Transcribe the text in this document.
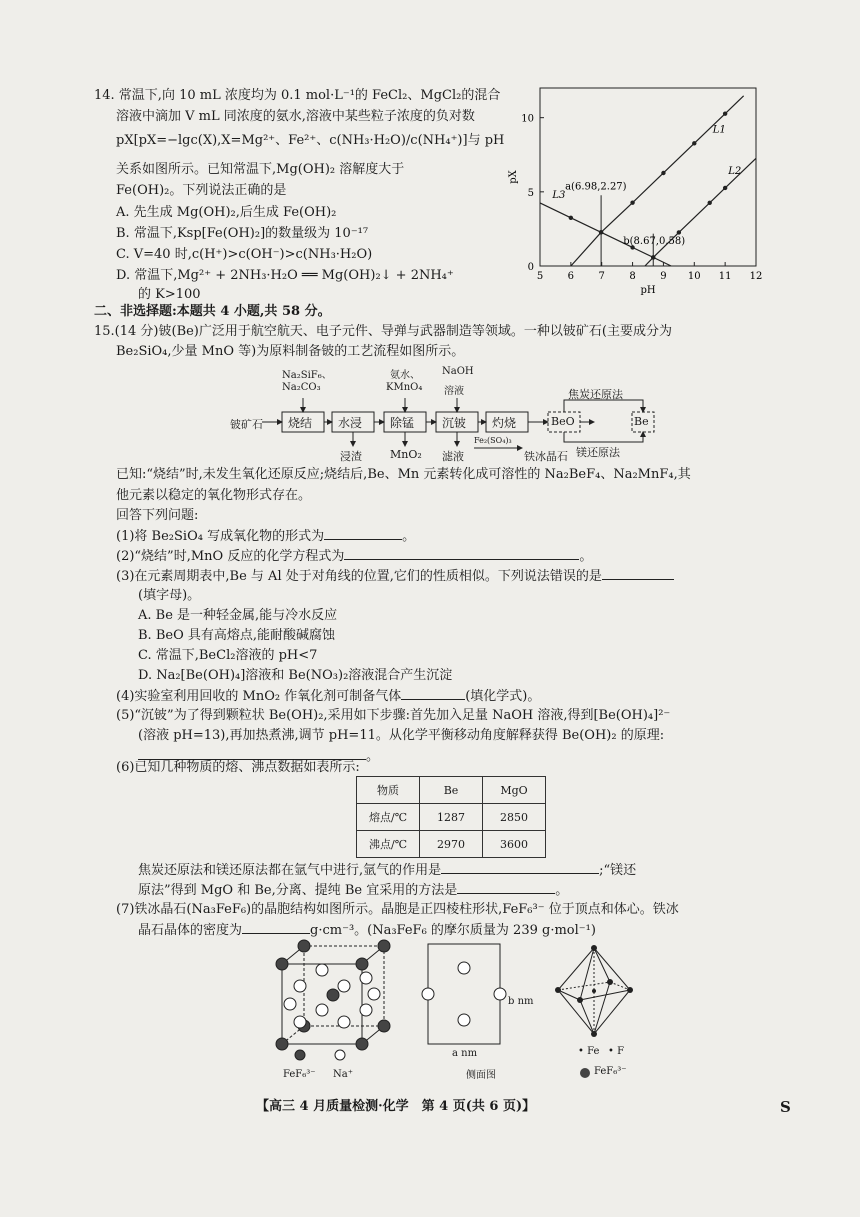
14. 常温下,向 10 mL 浓度均为 0.1 mol·L⁻¹的 FeCl₂、MgCl₂的混合
溶液中滴加 V mL 同浓度的氨水,溶液中某些粒子浓度的负对数
pX[pX=−lgc(X),X=Mg²⁺、Fe²⁺、c(NH₃·H₂O)/c(NH₄⁺)]与 pH
关系如图所示。已知常温下,Mg(OH)₂ 溶解度大于
Fe(OH)₂。下列说法正确的是
A. 先生成 Mg(OH)₂,后生成 Fe(OH)₂
B. 常温下,Ksp[Fe(OH)₂]的数量级为 10⁻¹⁷
C. V=40 时,c(H⁺)>c(OH⁻)>c(NH₃·H₂O)
D. 常温下,Mg²⁺ + 2NH₃·H₂O ══ Mg(OH)₂↓ + 2NH₄⁺
的 K>100
5 6 7 8 9 10 11 12
0
5
10
pH
pX
L1
L2
L3
a(6.98,2.27)
b(8.67,0.58)
二、非选择题:本题共 4 小题,共 58 分。
15.(14 分)铍(Be)广泛用于航空航天、电子元件、导弹与武器制造等领域。一种以铍矿石(主要成分为
Be₂SiO₄,少量 MnO 等)为原料制备铍的工艺流程如图所示。
铍矿石 烧结 水浸 除锰 沉铍 灼烧	BeO	Be
Na₂SiF₆、
Na₂CO₃
氨水、
KMnO₄
NaOH
溶液
浸渣	MnO₂ 滤液
Fe₂(SO₄)₃
铁冰晶石
焦炭还原法
镁还原法
已知:“烧结”时,未发生氧化还原反应;烧结后,Be、Mn 元素转化成可溶性的 Na₂BeF₄、Na₂MnF₄,其
他元素以稳定的氧化物形式存在。
回答下列问题:
(1)将 Be₂SiO₄ 写成氧化物的形式为	。
(2)“烧结”时,MnO 反应的化学方程式为	。
(3)在元素周期表中,Be 与 Al 处于对角线的位置,它们的性质相似。下列说法错误的是
(填字母)。
A. Be 是一种轻金属,能与冷水反应
B. BeO 具有高熔点,能耐酸碱腐蚀
C. 常温下,BeCl₂溶液的 pH<7
D. Na₂[Be(OH)₄]溶液和 Be(NO₃)₂溶液混合产生沉淀
(4)实验室利用回收的 MnO₂ 作氧化剂可制备气体	(填化学式)。
(5)“沉铍”为了得到颗粒状 Be(OH)₂,采用如下步骤:首先加入足量 NaOH 溶液,得到[Be(OH)₄]²⁻
(溶液 pH=13),再加热煮沸,调节 pH=11。从化学平衡移动角度解释获得 Be(OH)₂ 的原理:
。
(6)已知几种物质的熔、沸点数据如表所示:
物质	Be	MgO
熔点/℃	1287	2850
沸点/℃	2970	3600
焦炭还原法和镁还原法都在氩气中进行,氩气的作用是	;“镁还
原法”得到 MgO 和 Be,分离、提纯 Be 宜采用的方法是	。
(7)铁冰晶石(Na₃FeF₆)的晶胞结构如图所示。晶胞是正四棱柱形状,FeF₆³⁻ 位于顶点和体心。铁冰
晶石晶体的密度为	g·cm⁻³。(Na₃FeF₆ 的摩尔质量为 239 g·mol⁻¹)
FeF₆³⁻ Na⁺
b nm
a nm
侧面图
• Fe • F
FeF₆³⁻
【高三 4 月质量检测·化学　第 4 页(共 6 页)】	S
